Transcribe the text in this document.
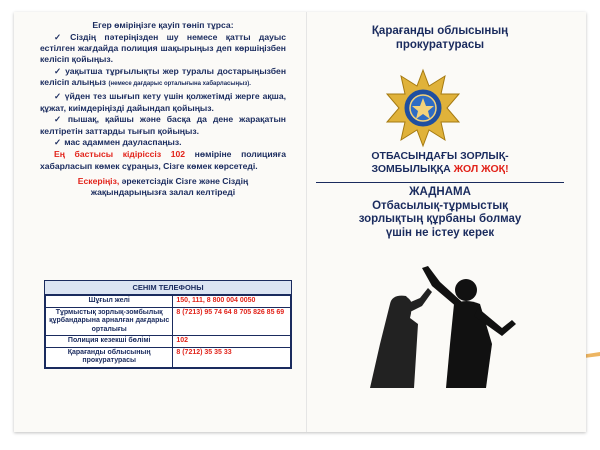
Егер өміріңізге қауіп төніп тұрса:

✓ Сіздің пәтеріңізден шу немесе қатты дауыс естілген жағдайда полиция шақырыңыз деп көршіңізбен келісіп қойыңыз.

✓ уақытша тұрғылықты жер туралы достарыңызбен келісіп алыңыз (немесе дағдарыс орталығына хабарласыңыз).

✓ үйден тез шығып кету үшін қолжетімді жерге ақша, құжат, киімдеріңізді дайындап қойыңыз.

✓ пышақ, қайшы және басқа да дене жарақатын келтіретін заттарды тығып қойыңыз.

✓ мас адаммен дауласпаңыз.

Ең бастысы кідіріссіз 102 нөміріне полицияға хабарласып көмек сұраңыз, Сізге көмек көрсетеді.

Ескеріңіз, әрекетсіздік Сізге және Сіздің жақындарыңызға залал келтіреді

СЕНІМ ТЕЛЕФОНЫ
Шұғыл желі	150, 111, 8 800 004 0050
Тұрмыстық зорлық-зомбылық құрбандарына арналған дағдарыс орталығы	8 (7213) 95 74 64 8 705 826 85 69
Полиция кезекші бөлімі	102
Қарағанды облысының прокуратурасы	8 (7212) 35 35 33
Қарағанды облысының
прокуратурасы
ОТБАСЫНДАҒЫ ЗОРЛЫҚ-
ЗОМБЫЛЫҚҚА ЖОЛ ЖОҚ!
ЖАДНАМА
Отбасылық-тұрмыстық
зорлықтың құрбаны болмау
үшін не істеу керек
